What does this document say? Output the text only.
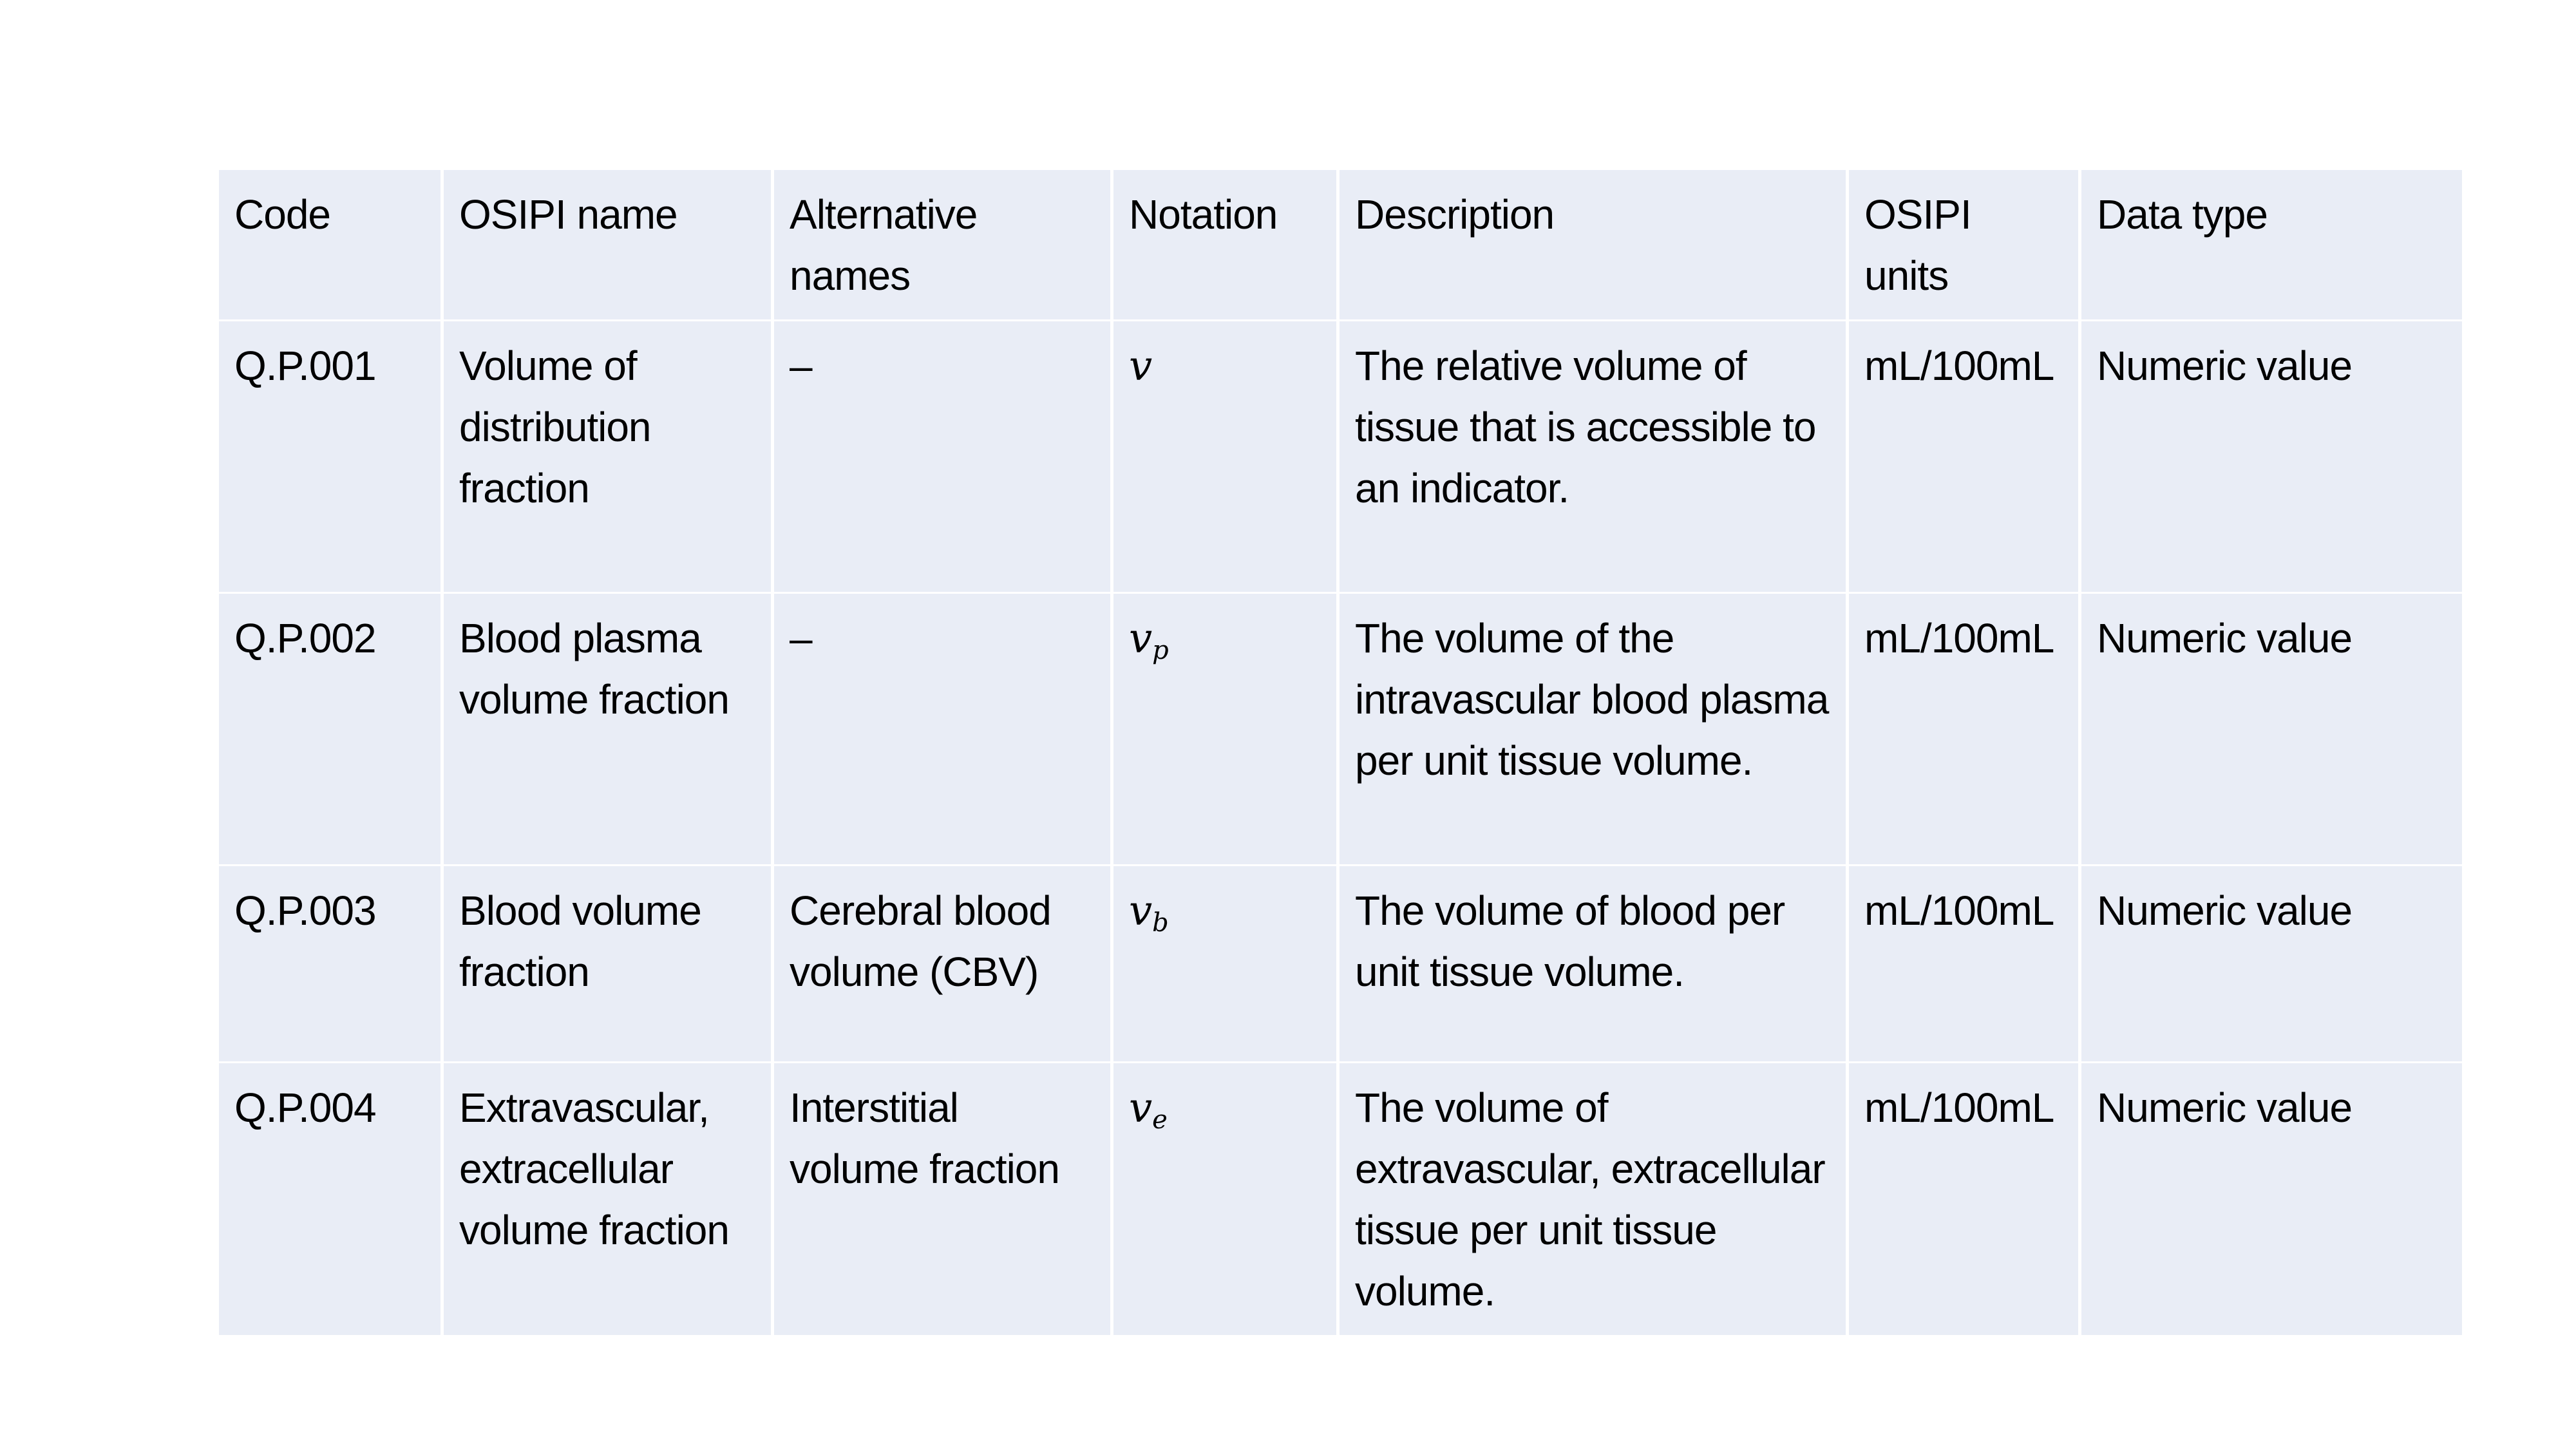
Code	OSIPI name	Alternative names	Notation	Description	OSIPI units	Data type
Q.P.001	Volume of distribution fraction	–	v	The relative volume of tissue that is accessible to an indicator.	mL/100mL	Numeric value
Q.P.002	Blood plasma volume fraction	–	$v_p$	The volume of the intravascular blood plasma per unit tissue volume.	mL/100mL	Numeric value
Q.P.003	Blood volume fraction	Cerebral blood volume (CBV)	$v_b$	The volume of blood per unit tissue volume.	mL/100mL	Numeric value
Q.P.004	Extravascular, extracellular volume fraction	Interstitial volume fraction	$v_e$	The volume of extravascular, extracellular tissue per unit tissue volume.	mL/100mL	Numeric value
